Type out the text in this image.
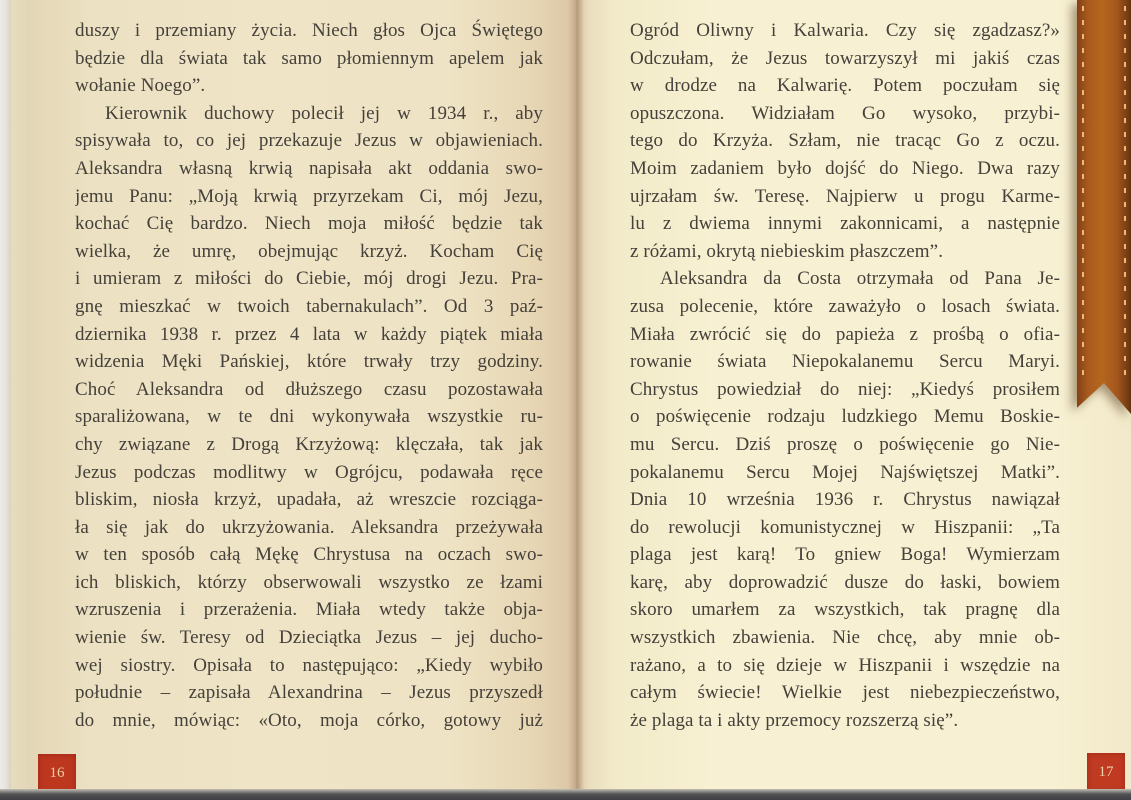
duszy i przemiany życia. Niech głos Ojca Świętego
będzie dla świata tak samo płomiennym apelem jak
wołanie Noego”.
Kierownik duchowy polecił jej w 1934 r., aby
spisywała to, co jej przekazuje Jezus w objawieniach.
Aleksandra własną krwią napisała akt oddania swo-
jemu Panu: „Moją krwią przyrzekam Ci, mój Jezu,
kochać Cię bardzo. Niech moja miłość będzie tak
wielka, że umrę, obejmując krzyż. Kocham Cię
i umieram z miłości do Ciebie, mój drogi Jezu. Pra-
gnę mieszkać w twoich tabernakulach”. Od 3 paź-
dziernika 1938 r. przez 4 lata w każdy piątek miała
widzenia Męki Pańskiej, które trwały trzy godziny.
Choć Aleksandra od dłuższego czasu pozostawała
sparaliżowana, w te dni wykonywała wszystkie ru-
chy związane z Drogą Krzyżową: klęczała, tak jak
Jezus podczas modlitwy w Ogrójcu, podawała ręce
bliskim, niosła krzyż, upadała, aż wreszcie rozciąga-
ła się jak do ukrzyżowania. Aleksandra przeżywała
w ten sposób całą Mękę Chrystusa na oczach swo-
ich bliskich, którzy obserwowali wszystko ze łzami
wzruszenia i przerażenia. Miała wtedy także obja-
wienie św. Teresy od Dzieciątka Jezus – jej ducho-
wej siostry. Opisała to następująco: „Kiedy wybiło
południe – zapisała Alexandrina – Jezus przyszedł
do mnie, mówiąc: «Oto, moja córko, gotowy już
Ogród Oliwny i Kalwaria. Czy się zgadzasz?»
Odczułam, że Jezus towarzyszył mi jakiś czas
w drodze na Kalwarię. Potem poczułam się
opuszczona. Widziałam Go wysoko, przybi-
tego do Krzyża. Szłam, nie tracąc Go z oczu.
Moim zadaniem było dojść do Niego. Dwa razy
ujrzałam św. Teresę. Najpierw u progu Karme-
lu z dwiema innymi zakonnicami, a następnie
z różami, okrytą niebieskim płaszczem”.
Aleksandra da Costa otrzymała od Pana Je-
zusa polecenie, które zaważyło o losach świata.
Miała zwrócić się do papieża z prośbą o ofia-
rowanie świata Niepokalanemu Sercu Maryi.
Chrystus powiedział do niej: „Kiedyś prosiłem
o poświęcenie rodzaju ludzkiego Memu Boskie-
mu Sercu. Dziś proszę o poświęcenie go Nie-
pokalanemu Sercu Mojej Najświętszej Matki”.
Dnia 10 września 1936 r. Chrystus nawiązał
do rewolucji komunistycznej w Hiszpanii: „Ta
plaga jest karą! To gniew Boga! Wymierzam
karę, aby doprowadzić dusze do łaski, bowiem
skoro umarłem za wszystkich, tak pragnę dla
wszystkich zbawienia. Nie chcę, aby mnie ob-
rażano, a to się dzieje w Hiszpanii i wszędzie na
całym świecie! Wielkie jest niebezpieczeństwo,
że plaga ta i akty przemocy rozszerzą się”.
16	17
